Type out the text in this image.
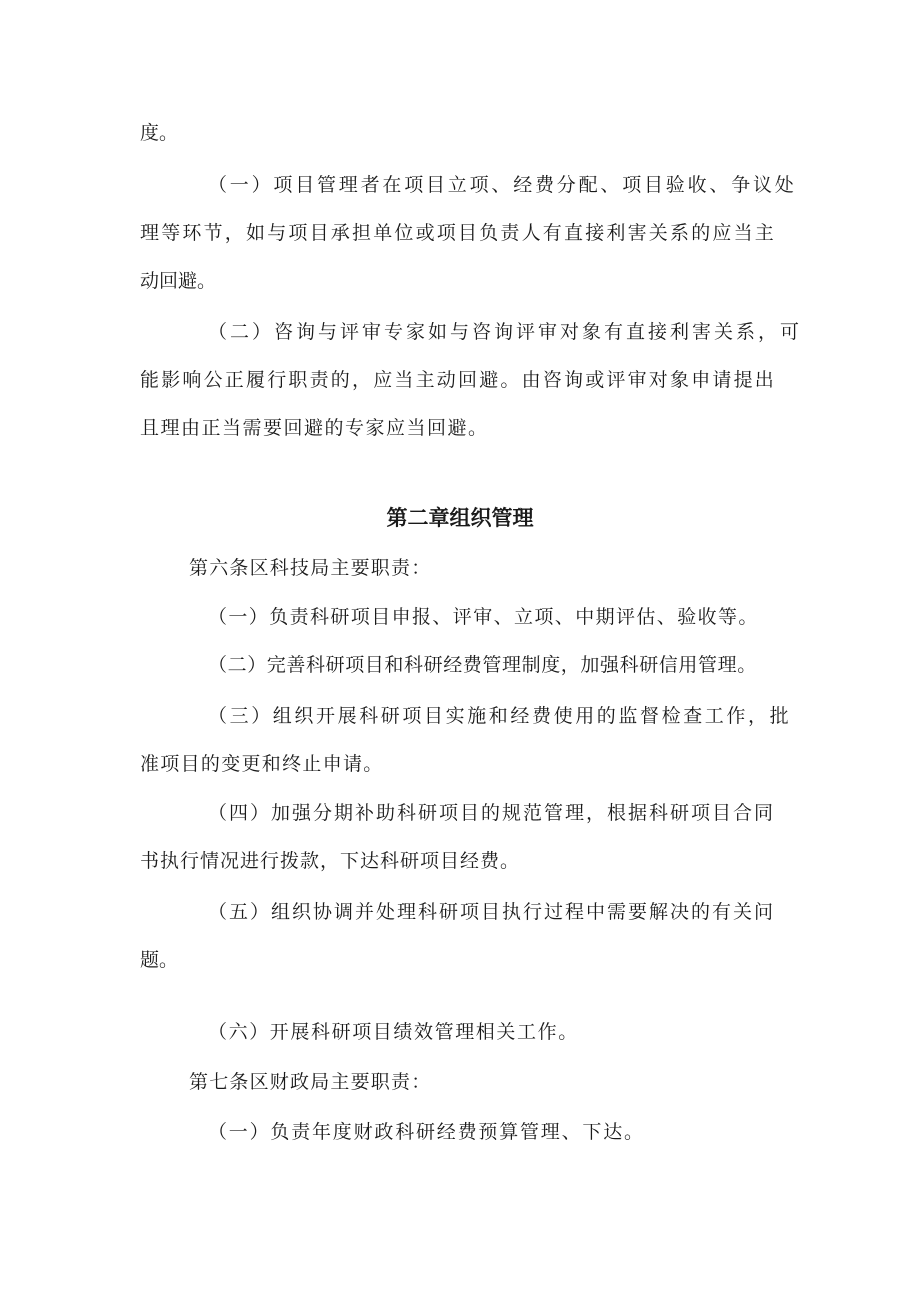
度。

（一）项目管理者在项目立项、经费分配、项目验收、争议处

理等环节，如与项目承担单位或项目负责人有直接利害关系的应当主

动回避。

（二）咨询与评审专家如与咨询评审对象有直接利害关系，可

能影响公正履行职责的，应当主动回避。由咨询或评审对象申请提出

且理由正当需要回避的专家应当回避。

第二章组织管理

第六条区科技局主要职责：

（一）负责科研项目申报、评审、立项、中期评估、验收等。

（二）完善科研项目和科研经费管理制度，加强科研信用管理。

（三）组织开展科研项目实施和经费使用的监督检查工作，批

准项目的变更和终止申请。

（四）加强分期补助科研项目的规范管理，根据科研项目合同

书执行情况进行拨款，下达科研项目经费。

（五）组织协调并处理科研项目执行过程中需要解决的有关问

题。

（六）开展科研项目绩效管理相关工作。

第七条区财政局主要职责：

（一）负责年度财政科研经费预算管理、下达。
